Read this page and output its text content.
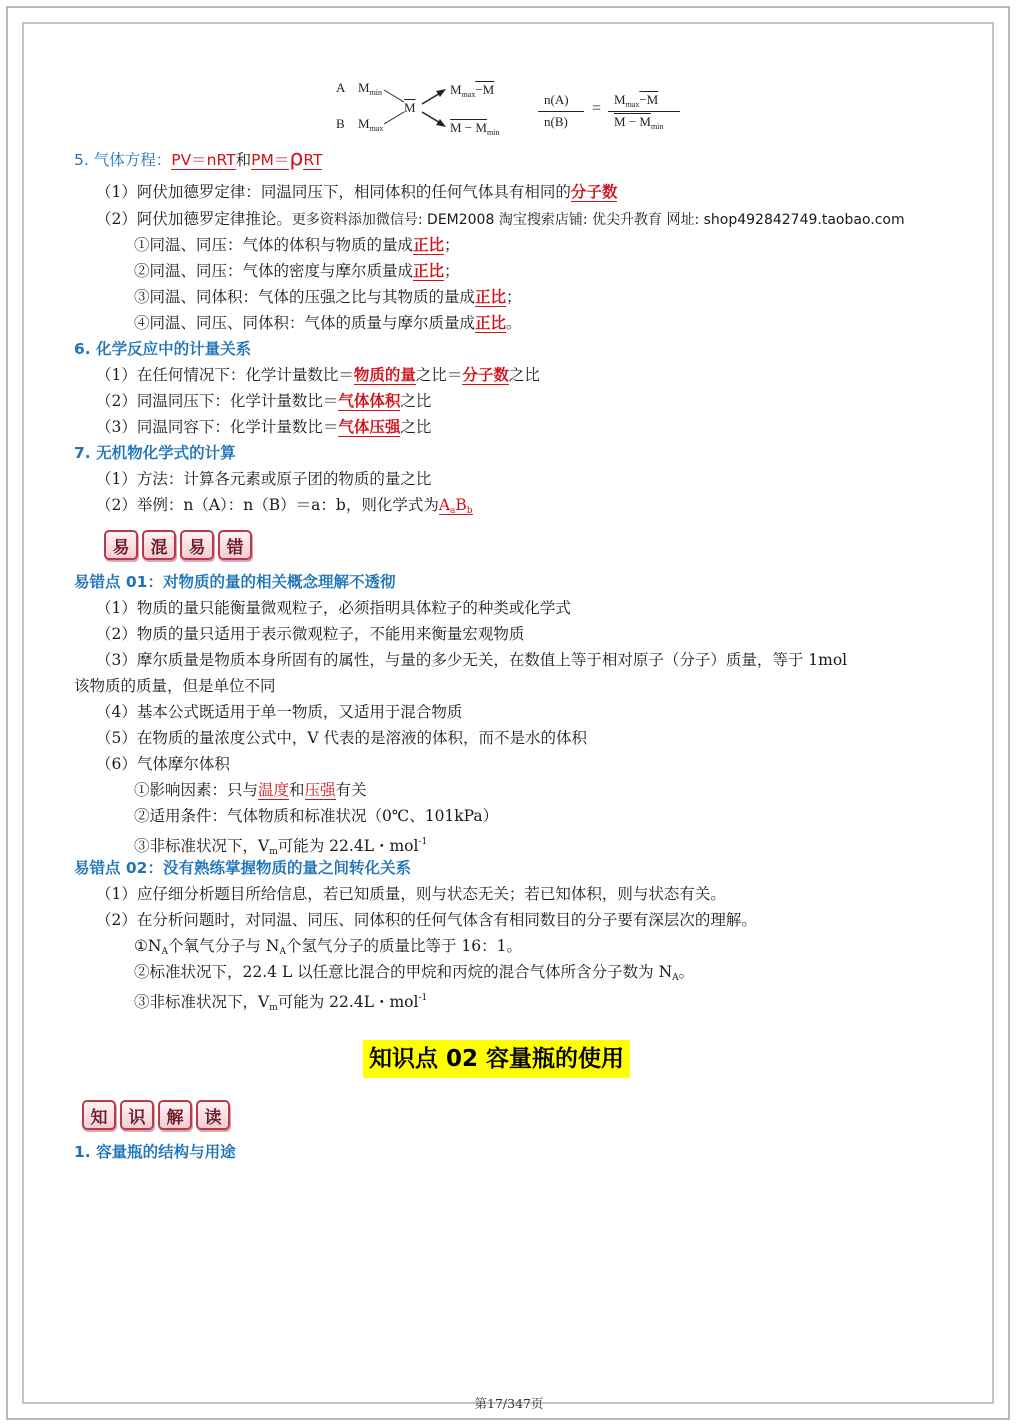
A $M_{min}$
B $M_{max}$
$\overline{M}$
$M_{max}-M$
$M - M_{min}$
n(A)
n(B)
=
$M_{max}-M$
$M - M_{min}$
5. 气体方程：PV＝nRT和PM＝ρRT
（1）阿伏加德罗定律：同温同压下，相同体积的任何气体具有相同的分子数
（2）阿伏加德罗定律推论。更多资料添加微信号: DEM2008 淘宝搜索店铺: 优尖升教育 网址: shop492842749.taobao.com
①同温、同压：气体的体积与物质的量成正比；
②同温、同压：气体的密度与摩尔质量成正比；
③同温、同体积：气体的压强之比与其物质的量成正比；
④同温、同压、同体积：气体的质量与摩尔质量成正比。
6. 化学反应中的计量关系
（1）在任何情况下：化学计量数比＝物质的量之比＝分子数之比
（2）同温同压下：化学计量数比＝气体体积之比
（3）同温同容下：化学计量数比＝气体压强之比
7. 无机物化学式的计算
（1）方法：计算各元素或原子团的物质的量之比
（2）举例：n（A）：n（B）＝a：b，则化学式为AaBb
易	混	易	错
易错点 01：对物质的量的相关概念理解不透彻
（1）物质的量只能衡量微观粒子，必须指明具体粒子的种类或化学式
（2）物质的量只适用于表示微观粒子，不能用来衡量宏观物质
（3）摩尔质量是物质本身所固有的属性，与量的多少无关，在数值上等于相对原子（分子）质量，等于 1mol
该物质的质量，但是单位不同
（4）基本公式既适用于单一物质，又适用于混合物质
（5）在物质的量浓度公式中，V 代表的是溶液的体积，而不是水的体积
（6）气体摩尔体积
①影响因素：只与温度和压强有关
②适用条件：气体物质和标准状况（0℃、101kPa）
③非标准状况下，Vm可能为 22.4L・mol$^{-1}$
易错点 02：没有熟练掌握物质的量之间转化关系
（1）应仔细分析题目所给信息，若已知质量，则与状态无关；若已知体积，则与状态有关。
（2）在分析问题时，对同温、同压、同体积的任何气体含有相同数目的分子要有深层次的理解。
①NA个氧气分子与 NA个氢气分子的质量比等于 16：1。
②标准状况下，22.4 L 以任意比混合的甲烷和丙烷的混合气体所含分子数为 NA。
③非标准状况下，Vm可能为 22.4L・mol$^{-1}$
知识点 02 容量瓶的使用
知	识	解	读
1. 容量瓶的结构与用途
第17/347页
